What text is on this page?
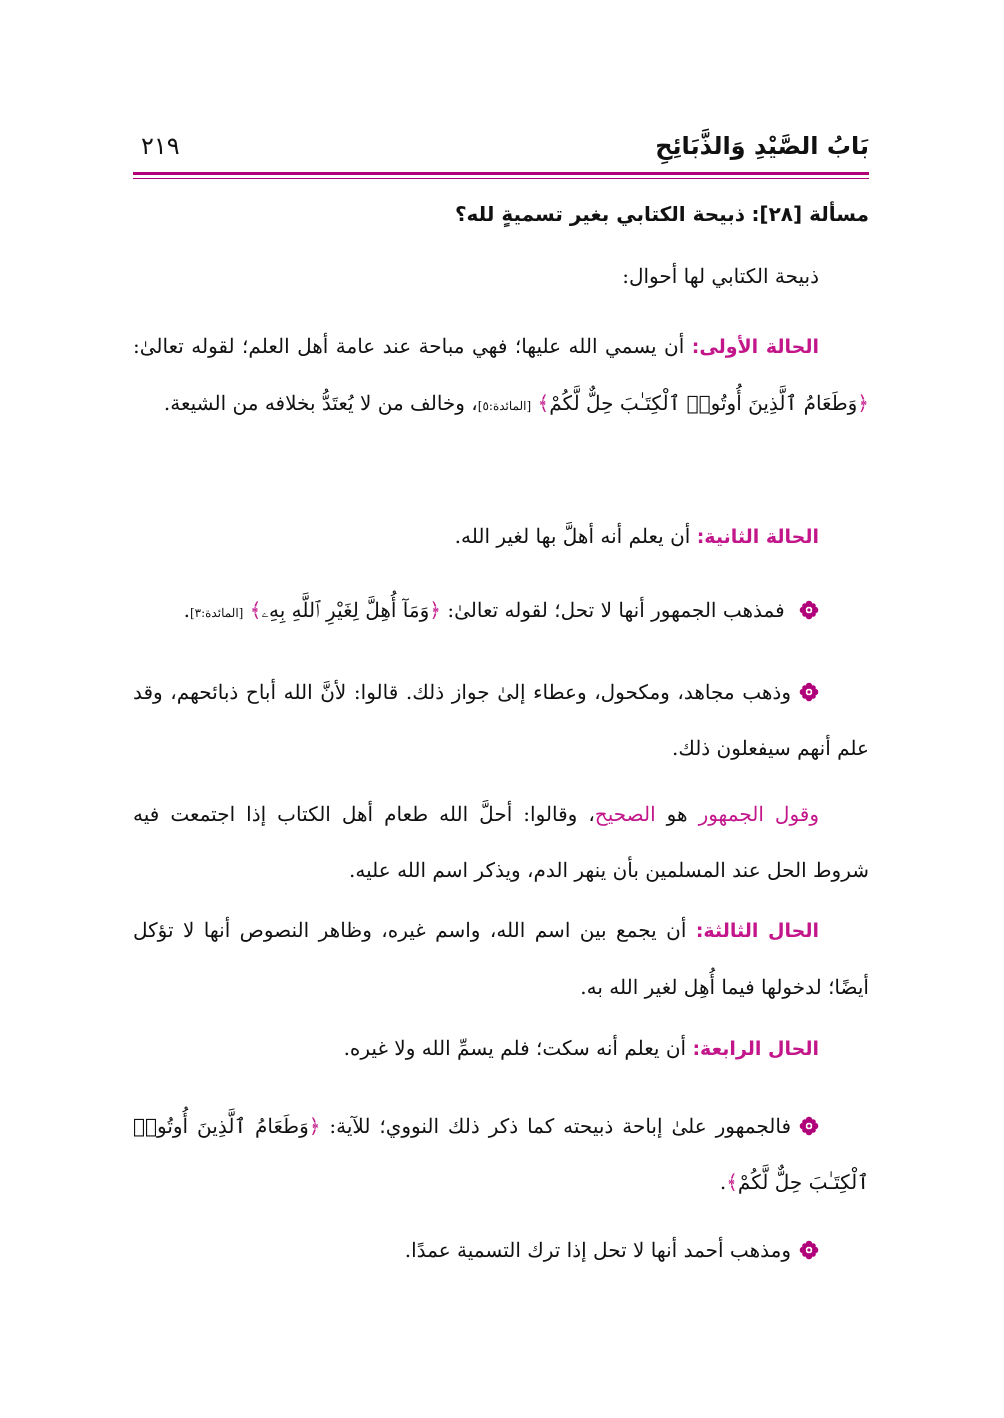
بَابُ الصَّيْدِ وَالذَّبَائِحِ
٢١٩
مسألة [٢٨]: ذبيحة الكتابي بغير تسميةٍ لله؟
ذبيحة الكتابي لها أحوال:
الحالة الأولى: أن يسمي الله عليها؛ فهي مباحة عند عامة أهل العلم؛ لقوله تعالىٰ: ﴿وَطَعَامُ ٱلَّذِينَ أُوتُوا۟ ٱلْكِتَـٰبَ حِلٌّ لَّكُمْ﴾ [المائدة:٥]، وخالف من لا يُعتَدُّ بخلافه من الشيعة.
الحالة الثانية: أن يعلم أنه أهلَّ بها لغير الله.
فمذهب الجمهور أنها لا تحل؛ لقوله تعالىٰ: ﴿وَمَآ أُهِلَّ لِغَيْرِ ٱللَّهِ بِهِۦ﴾ [المائدة:٣].
وذهب مجاهد، ومكحول، وعطاء إلىٰ جواز ذلك. قالوا: لأنَّ الله أباح ذبائحهم، وقد علم أنهم سيفعلون ذلك.
وقول الجمهور هو الصحيح، وقالوا: أحلَّ الله طعام أهل الكتاب إذا اجتمعت فيه شروط الحل عند المسلمين بأن ينهر الدم، ويذكر اسم الله عليه.
الحال الثالثة: أن يجمع بين اسم الله، واسم غيره، وظاهر النصوص أنها لا تؤكل أيضًا؛ لدخولها فيما أُهِل لغير الله به.
الحال الرابعة: أن يعلم أنه سكت؛ فلم يسمِّ الله ولا غيره.
فالجمهور علىٰ إباحة ذبيحته كما ذكر ذلك النووي؛ للآية: ﴿وَطَعَامُ ٱلَّذِينَ أُوتُوا۟ ٱلْكِتَـٰبَ حِلٌّ لَّكُمْ﴾.
ومذهب أحمد أنها لا تحل إذا ترك التسمية عمدًا.
